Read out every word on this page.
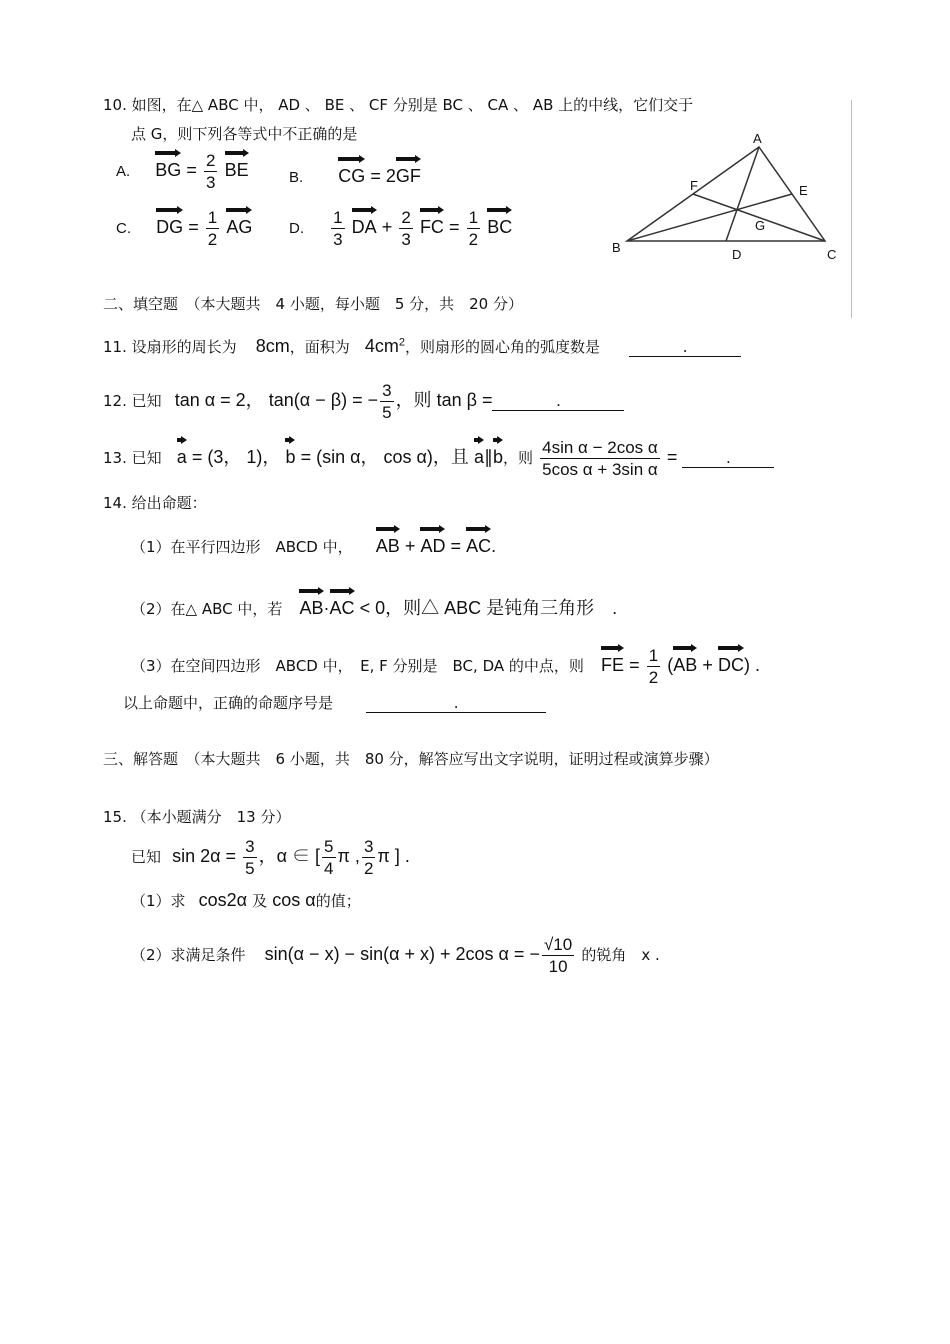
10. 如图，在△ ABC 中， AD 、 BE 、 CF 分别是 BC 、 CA 、 AB 上的中线，它们交于
点 G，则下列各等式中不正确的是
A. BG = $\frac{2}{3}$ BE	B. CG = 2GF
C. DG = $\frac{1}{2}$ AG D. $\frac{1}{3}$ DA + $\frac{2}{3}$ FC = $\frac{1}{2}$ BC
A
B	C
D
E
F
G
二、填空题　（本大题共　4 小题，每小题　5 分，共　20 分）
11. 设扇形的周长为 8cm，面积为 $4cm^2$，则扇形的圆心角的弧度数是	.
12. 已知 tan α = 2， tan(α − β) = − $\frac{3}{5}$ ，则 tan β =	.
13. 已知 a = (3， 1)， b = (sin α， cos α)，且 a∥b，则 $\frac{\text{4sin α − 2cos α}}{\text{5cos α + 3sin α}}$ =	.
14. 给出命题：
（1）在平行四边形　ABCD 中， AB + AD = AC.
（2）在△ ABC 中，若 AB·AC < 0，则△ ABC 是钝角三角形　.
（3）在空间四边形　ABCD 中，　E, F 分别是　BC, DA 的中点，则 FE = $\frac{1}{2} (AB + DC)$ .
以上命题中，正确的命题序号是	.
三、解答题　（本大题共　6 小题，共　80 分，解答应写出文字说明，证明过程或演算步骤）
15. （本小题满分　13 分）
已知 $\sin 2\alpha = \frac{3}{5}$ ，α ∈ [ $\frac{5}{4}$ π , $\frac{3}{2}$ π ] .
（1）求 cos2α 及 cos α的值；
（2）求满足条件 sin(α − x) − sin(α + x) + 2cos α = − $\frac{√10}{10}$ 的锐角　x .
